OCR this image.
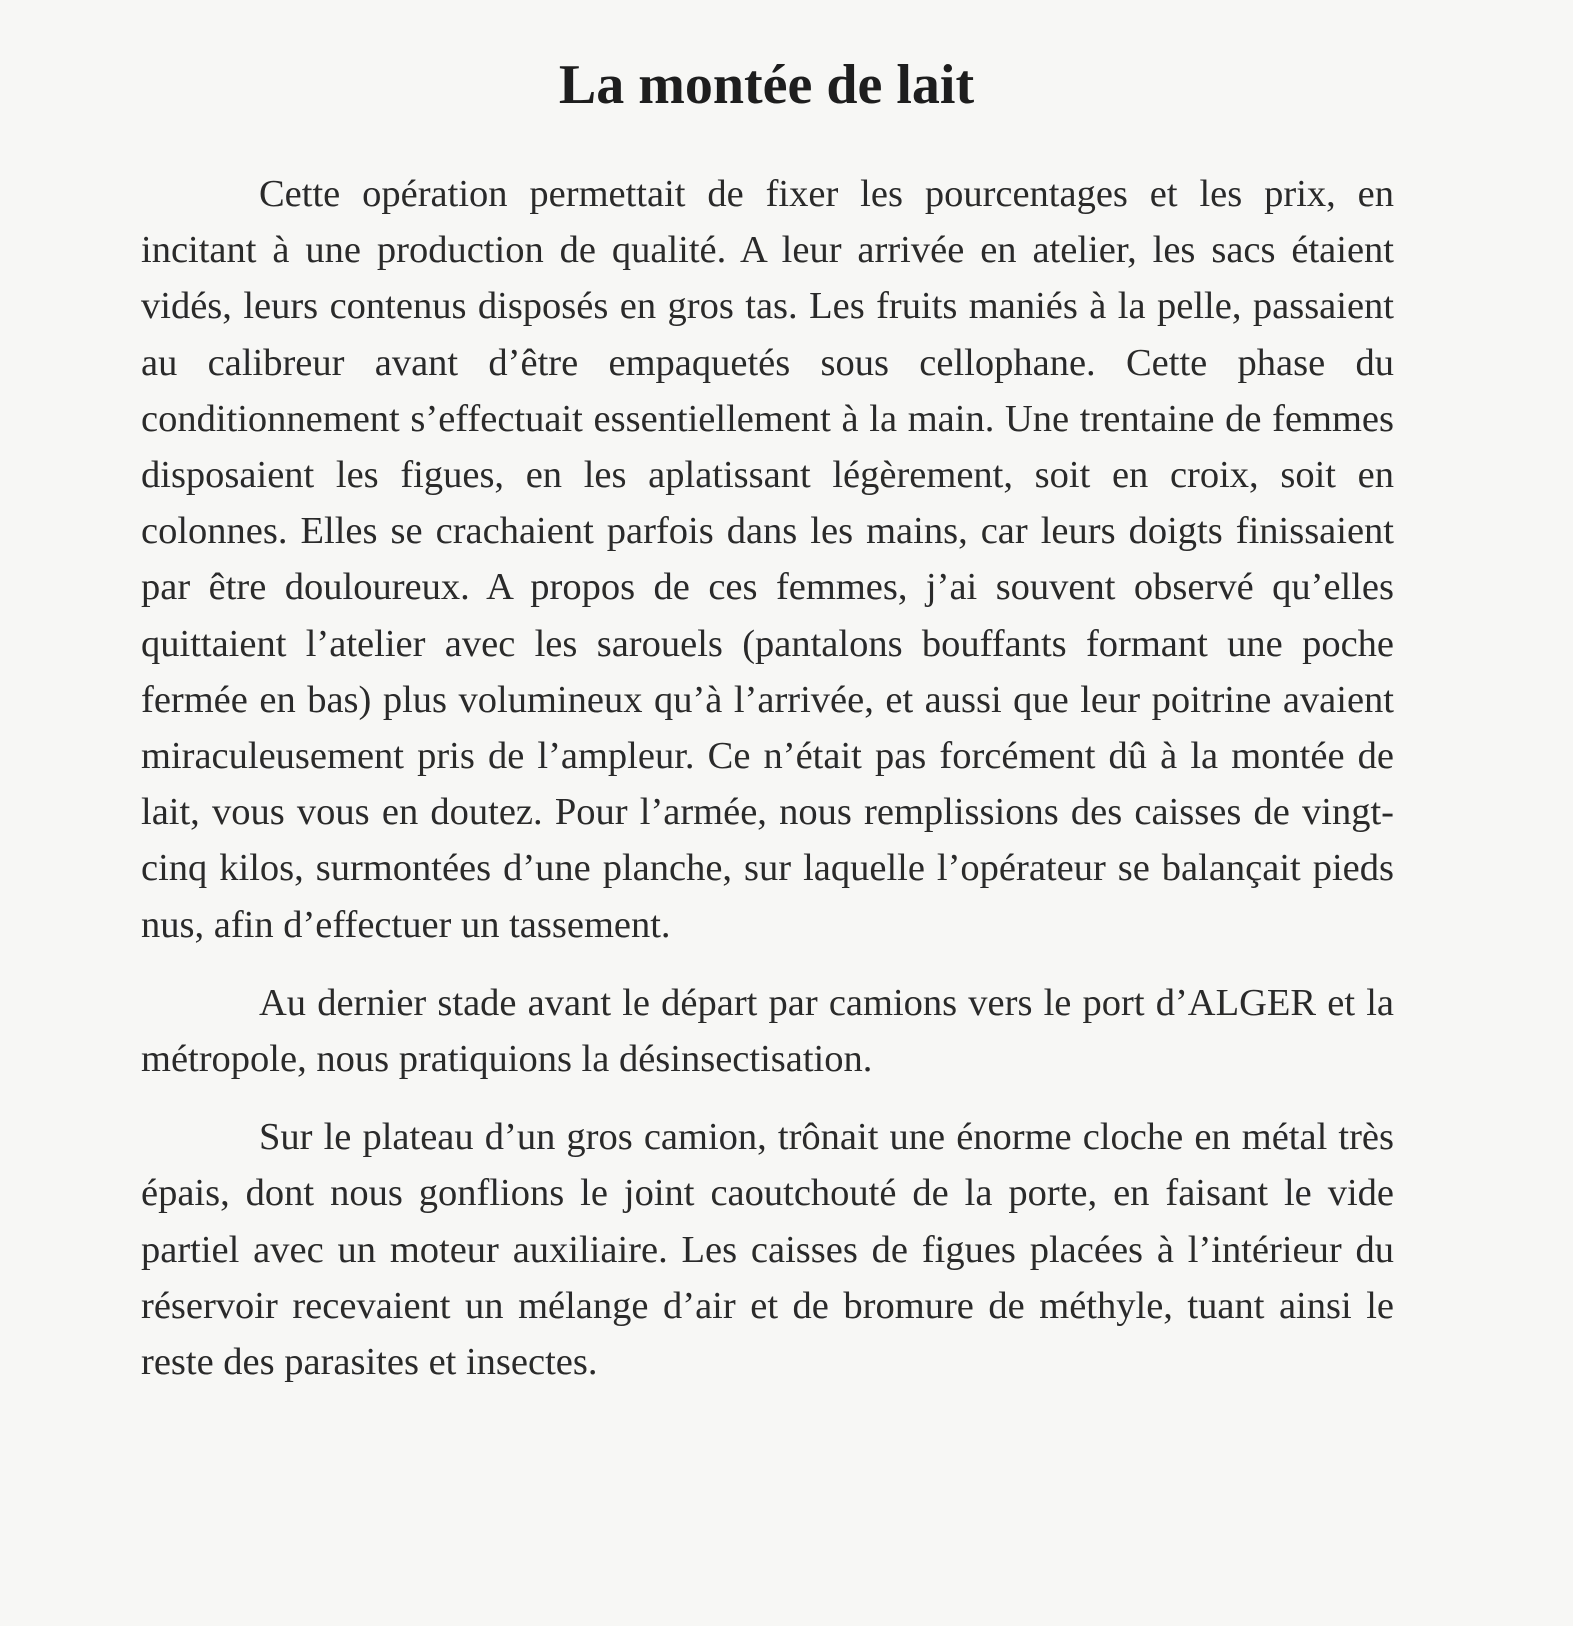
La montée de lait

Cette opération permettait de fixer les pourcentages et les prix, en incitant à une production de qualité. A leur arrivée en atelier, les sacs étaient vidés, leurs contenus disposés en gros tas. Les fruits maniés à la pelle, passaient au calibreur avant d’être empaquetés sous cellophane. Cette phase du conditionnement s’effectuait essentiellement à la main. Une trentaine de femmes disposaient les figues, en les aplatissant légèrement, soit en croix, soit en colonnes. Elles se crachaient parfois dans les mains, car leurs doigts finissaient par être douloureux. A propos de ces femmes, j’ai souvent observé qu’elles quittaient l’atelier avec les sarouels (pantalons bouffants formant une poche fermée en bas) plus volumineux qu’à l’arrivée, et aussi que leur poitrine avaient miraculeusement pris de l’ampleur. Ce n’était pas forcément dû à la montée de lait, vous vous en doutez. Pour l’armée, nous remplissions des caisses de vingt-cinq kilos, surmontées d’une planche, sur laquelle l’opérateur se balançait pieds nus, afin d’effectuer un tassement.

Au dernier stade avant le départ par camions vers le port d’ALGER et la métropole, nous pratiquions la désinsectisation.

Sur le plateau d’un gros camion, trônait une énorme cloche en métal très épais, dont nous gonflions le joint caoutchouté de la porte, en faisant le vide partiel avec un moteur auxiliaire. Les caisses de figues placées à l’intérieur du réservoir recevaient un mélange d’air et de bromure de méthyle, tuant ainsi le reste des parasites et insectes.
